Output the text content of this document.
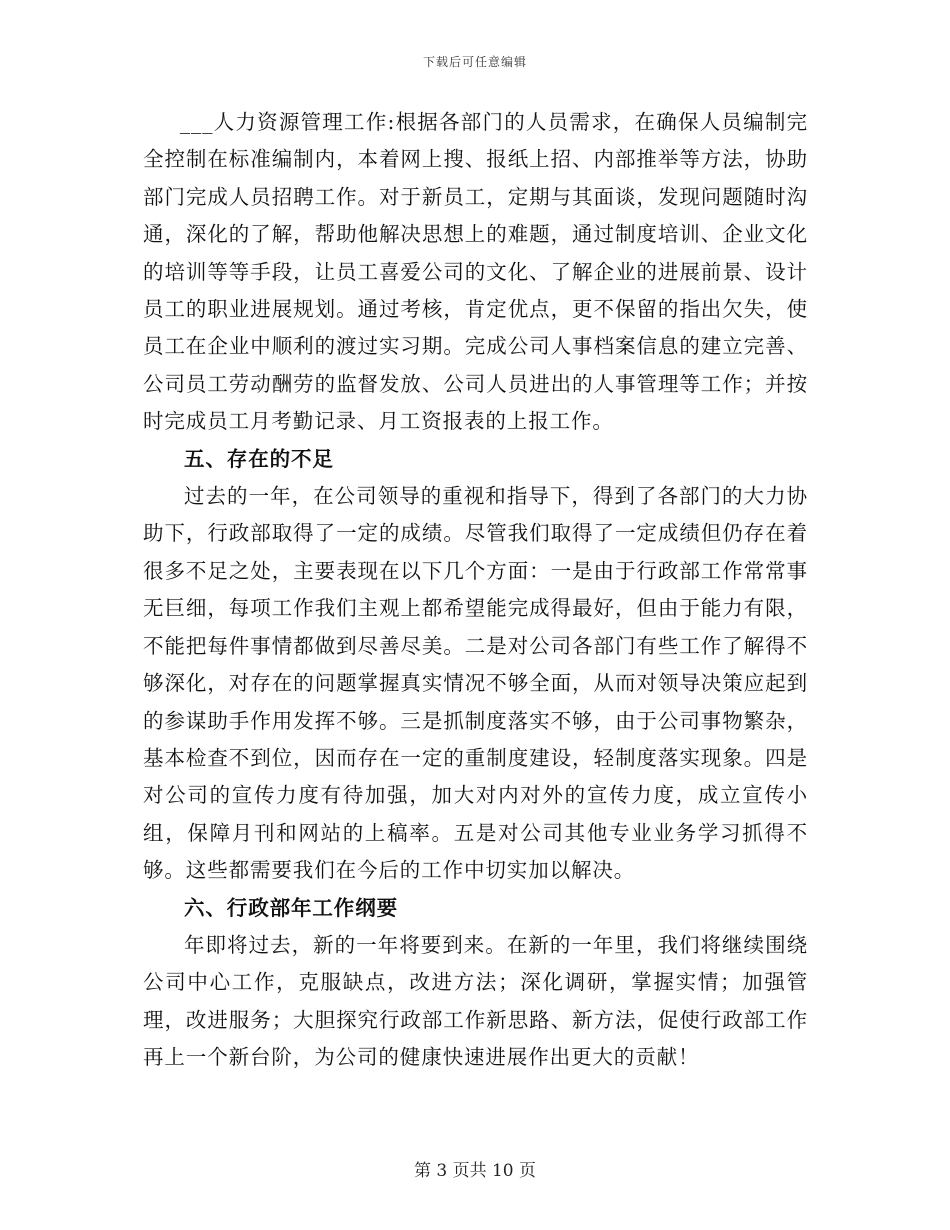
下载后可任意编辑

___人力资源管理工作:根据各部门的人员需求，在确保人员编制完全控制在标准编制内，本着网上搜、报纸上招、内部推举等方法，协助部门完成人员招聘工作。对于新员工，定期与其面谈，发现问题随时沟通，深化的了解，帮助他解决思想上的难题，通过制度培训、企业文化的培训等等手段，让员工喜爱公司的文化、了解企业的进展前景、设计员工的职业进展规划。通过考核，肯定优点，更不保留的指出欠失，使员工在企业中顺利的渡过实习期。完成公司人事档案信息的建立完善、公司员工劳动酬劳的监督发放、公司人员进出的人事管理等工作；并按时完成员工月考勤记录、月工资报表的上报工作。

五、存在的不足

过去的一年，在公司领导的重视和指导下，得到了各部门的大力协助下，行政部取得了一定的成绩。尽管我们取得了一定成绩但仍存在着很多不足之处，主要表现在以下几个方面：一是由于行政部工作常常事无巨细，每项工作我们主观上都希望能完成得最好，但由于能力有限，不能把每件事情都做到尽善尽美。二是对公司各部门有些工作了解得不够深化，对存在的问题掌握真实情况不够全面，从而对领导决策应起到的参谋助手作用发挥不够。三是抓制度落实不够，由于公司事物繁杂，基本检查不到位，因而存在一定的重制度建设，轻制度落实现象。四是对公司的宣传力度有待加强，加大对内对外的宣传力度，成立宣传小组，保障月刊和网站的上稿率。五是对公司其他专业业务学习抓得不够。这些都需要我们在今后的工作中切实加以解决。

六、行政部年工作纲要

年即将过去，新的一年将要到来。在新的一年里，我们将继续围绕公司中心工作，克服缺点，改进方法；深化调研，掌握实情；加强管理，改进服务；大胆探究行政部工作新思路、新方法，促使行政部工作再上一个新台阶，为公司的健康快速进展作出更大的贡献！

第 3 页共 10 页
